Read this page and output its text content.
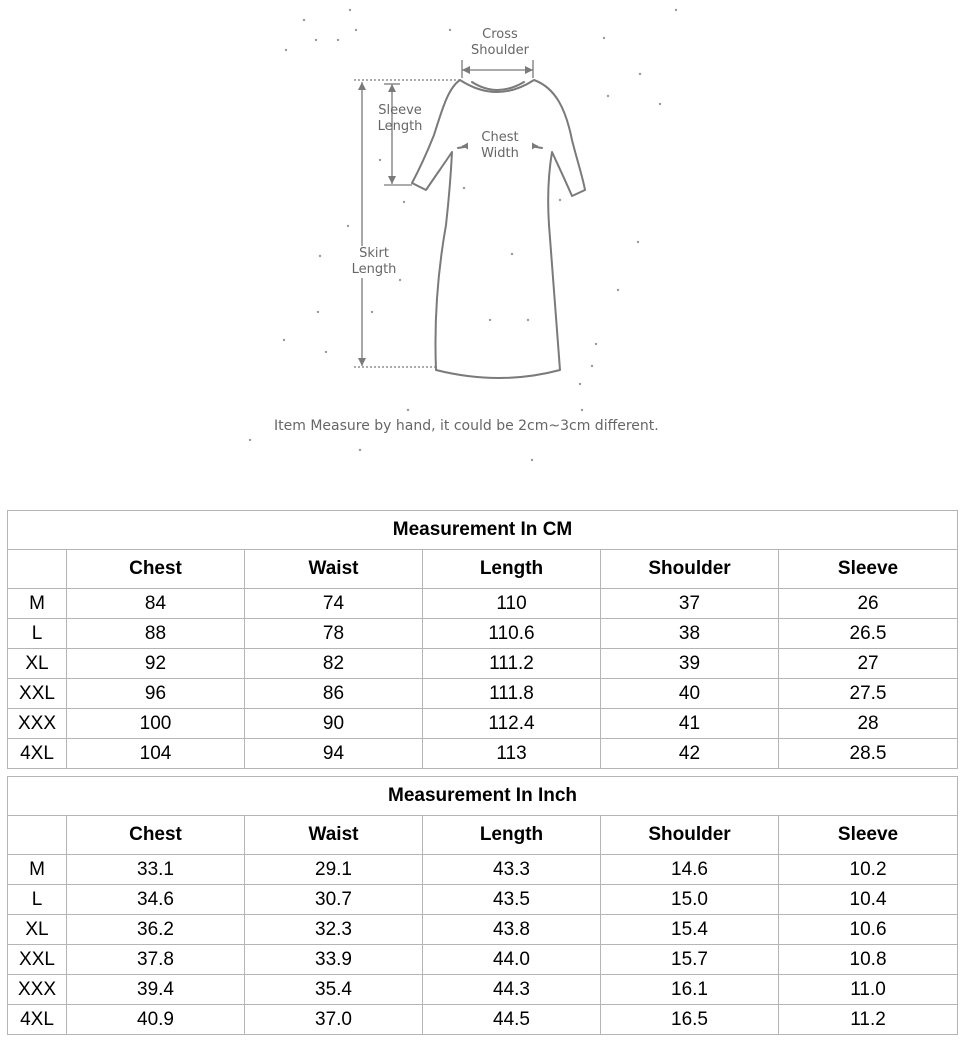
Cross
Shoulder
Sleeve
Length
Chest
Width
Skirt
Length
Item Measure by hand, it could be 2cm~3cm different.
Measurement In CM					
	Chest	Waist	Length	Shoulder	Sleeve
M	84	74	110	37	26
L	88	78	110.6	38	26.5
XL	92	82	111.2	39	27
XXL	96	86	111.8	40	27.5
XXX	100	90	112.4	41	28
4XL	104	94	113	42	28.5
Measurement In Inch					
	Chest	Waist	Length	Shoulder	Sleeve
M	33.1	29.1	43.3	14.6	10.2
L	34.6	30.7	43.5	15.0	10.4
XL	36.2	32.3	43.8	15.4	10.6
XXL	37.8	33.9	44.0	15.7	10.8
XXX	39.4	35.4	44.3	16.1	11.0
4XL	40.9	37.0	44.5	16.5	11.2
